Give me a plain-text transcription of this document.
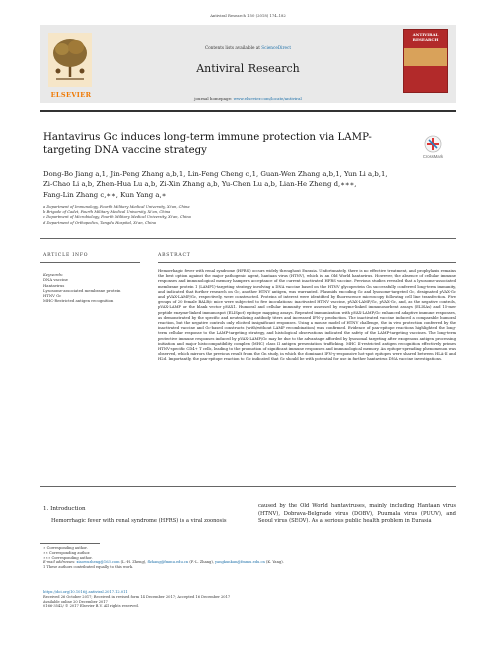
Antiviral Research 150 (2018) 174–182
ELSEVIER
Contents lists available at ScienceDirect
Antiviral Research
journal homepage: www.elsevier.com/locate/antiviral
ANTIVIRAL RESEARCH
Hantavirus Gc induces long-term immune protection via LAMP-targeting DNA vaccine strategy
CrossMark
Dong-Bo Jiang a,1, Jin-Peng Zhang a,b,1, Lin-Feng Cheng c,1, Guan-Wen Zhang a,b,1, Yun Li a,b,1,
Zi-Chao Li a,b, Zhen-Hua Lu a,b, Zi-Xin Zhang a,b, Yu-Chen Lu a,b, Lian-He Zheng d,∗∗∗,
Fang-Lin Zhang c,∗∗, Kun Yang a,∗
a Department of Immunology, Fourth Military Medical University, Xi'an, China
b Brigade of Cadet, Fourth Military Medical University, Xi'an, China
c Department of Microbiology, Fourth Military Medical University, Xi'an, China
d Department of Orthopedics, Tangdu Hospital, Xi'an, China
ARTICLE INFO	ABSTRACT
Keywords:
DNA vaccine
Hantavirus
Lysosome-associated membrane protein
HTNV Gc
MHC-Restricted antigen recognition
Hemorrhagic fever with renal syndrome (HFRS) occurs widely throughout Eurasia. Unfortunately, there is no effective treatment, and prophylaxis remains the best option against the major pathogenic agent, hantaan virus (HTNV), which is an Old World hantavirus. However, the absence of cellular immune responses and immunological memory hampers acceptance of the current inactivated HFRS vaccine. Previous studies revealed that a lysosome-associated membrane protein 1 (LAMP1)-targeting strategy involving a DNA vaccine based on the HTNV glycoprotein Gn successfully conferred long-term immunity, and indicated that further research on Gc, another HTNV antigen, was warranted. Plasmids encoding Gc and lysosome-targeted Gc, designated pVAX-Gc and pVAX-LAMP/Gc, respectively, were constructed. Proteins of interest were identified by fluorescence microscopy following cell line transfection. Five groups of 20 female BALB/c mice were subjected to five inoculations: inactivated HTNV vaccine, pVAX-LAMP/Gc, pVAX-Gc, and, as the negative controls, pVAX-LAMP or the blank vector pVAX1. Humoral and cellular immunity were assessed by enzyme-linked immunosorbent assays (ELISAs) and 15-mer peptide enzyme-linked immunospot (ELISpot) epitope mapping assays. Repeated immunization with pVAX-LAMP/Gc enhanced adaptive immune responses, as demonstrated by the specific and neutralizing antibody titers and increased IFN-γ production. The inactivated vaccine induced a comparable humoral reaction, but the negative controls only elicited insignificant responses. Using a mouse model of HTNV challenge, the in vivo protection conferred by the inactivated vaccine and Gc-based constructs (with/without LAMP recombination) was confirmed. Evidence of pan-epitope reactions highlighted the long-term cellular response to the LAMP-targeting strategy, and histological observations indicated the safety of the LAMP-targeting vaccines. The long-term protective immune responses induced by pVAX-LAMP/Gc may be due to the advantage afforded by lysosomal targeting after exogenous antigen processing initiation and major histocompatibility complex (MHC) class II antigen presentation trafficking. MHC II-restricted antigen recognition effectively primes HTNV-specific CD4+ T cells, leading to the promotion of significant immune responses and immunological memory. An epitope-spreading phenomenon was observed, which mirrors the previous result from the Gn study, in which the dominant IFN-γ-responsive hot-spot epitopes were shared between HLA-II and H2d. Importantly, the pan-epitope reaction to Gc indicated that Gc should be with potential for use in further hantavirus DNA vaccine investigations.
1. Introduction
Hemorrhagic fever with renal syndrome (HFRS) is a viral zoonosis
caused by the Old World hantaviruses, mainly including Hantaan virus (HTNV), Dobrava-Belgrade virus (DOBV), Puumala virus (PUUV), and Seoul virus (SEOV). As a serious public health problem in Eurasia
∗ Corresponding author.
∗∗ Corresponding author.
∗∗∗ Corresponding author.
E-mail addresses: xiaowuzheng@163.com (L.-H. Zheng), flzhang@fmmu.edu.cn (F.-L. Zhang), yangkunkun@fmmu.edu.cn (K. Yang).
1 These authors contributed equally to this work.
https://doi.org/10.1016/j.antiviral.2017.12.011
Received 26 October 2017; Received in revised form 14 December 2017; Accepted 16 December 2017
Available online 20 December 2017
0166-3542/ © 2017 Elsevier B.V. All rights reserved.
